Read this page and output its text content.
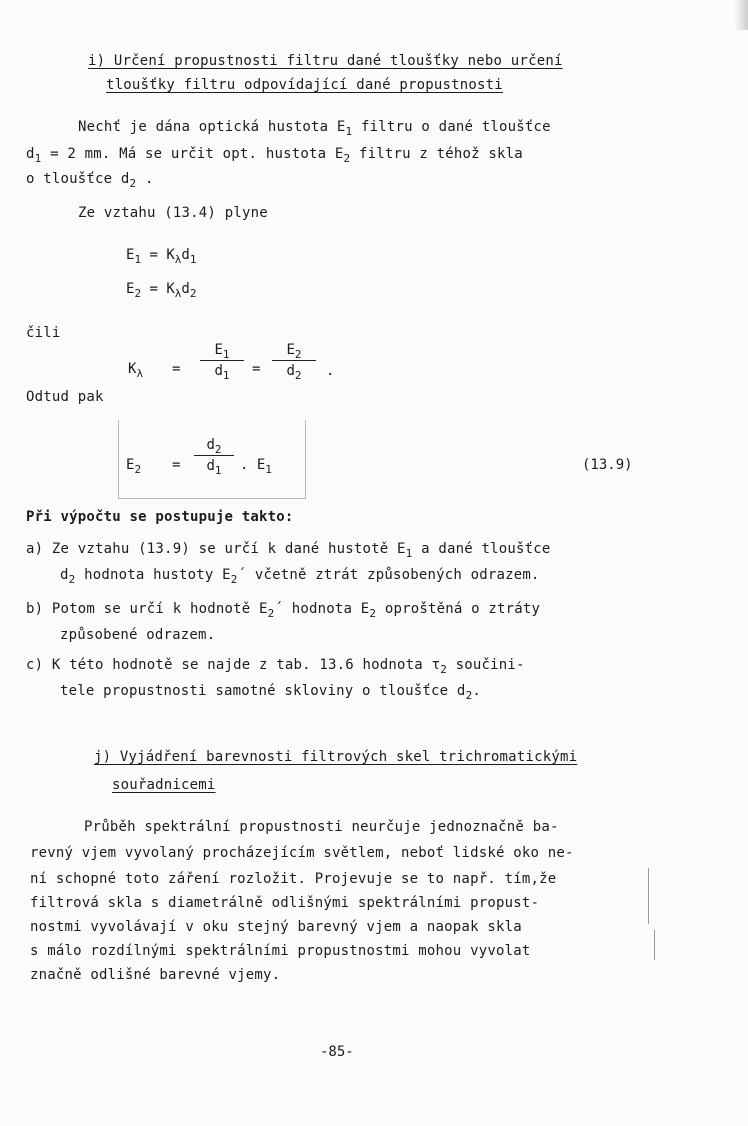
i) Určení propustnosti filtru dané tloušťky nebo určení
tloušťky filtru odpovídající dané propustnosti
Nechť je dána optická hustota $E_1$ filtru o dané tloušťce
$d_1 = 2$ mm. Má se určit opt. hustota $E_2$ filtru z téhož skla
o tloušťce $d_2$ .
Ze vztahu (13.4) plyne
$E_1 = K_\lambda d_1$
$E_2 = K_\lambda d_2$
čili
$K_\lambda$ =
$E_1$
$d_1$	=
$E_2$
$d_2$	.
Odtud pak
$E_2$ =
$d_2$
$d_1$	. $E_1$	(13.9)
Při výpočtu se postupuje takto:
a) Ze vztahu (13.9) se určí k dané hustotě $E_1$ a dané tloušťce
$d_2$ hodnota hustoty $E_2´$ včetně ztrát způsobených odrazem.
b) Potom se určí k hodnotě $E_2´$ hodnota $E_2$ oproštěná o ztráty
způsobené odrazem.
c) K této hodnotě se najde z tab. 13.6 hodnota $\tau_2$ součini-
tele propustnosti samotné skloviny o tloušťce $d_2$.
j) Vyjádření barevnosti filtrových skel trichromatickými
souřadnicemi
Průběh spektrální propustnosti neurčuje jednoznačně ba-
revný vjem vyvolaný procházejícím světlem, neboť lidské oko ne-
ní schopné toto záření rozložit. Projevuje se to např. tím,že
filtrová skla s diametrálně odlišnými spektrálními propust-
nostmi vyvolávají v oku stejný barevný vjem a naopak skla
s málo rozdílnými spektrálními propustnostmi mohou vyvolat
značně odlišné barevné vjemy.
-85-
